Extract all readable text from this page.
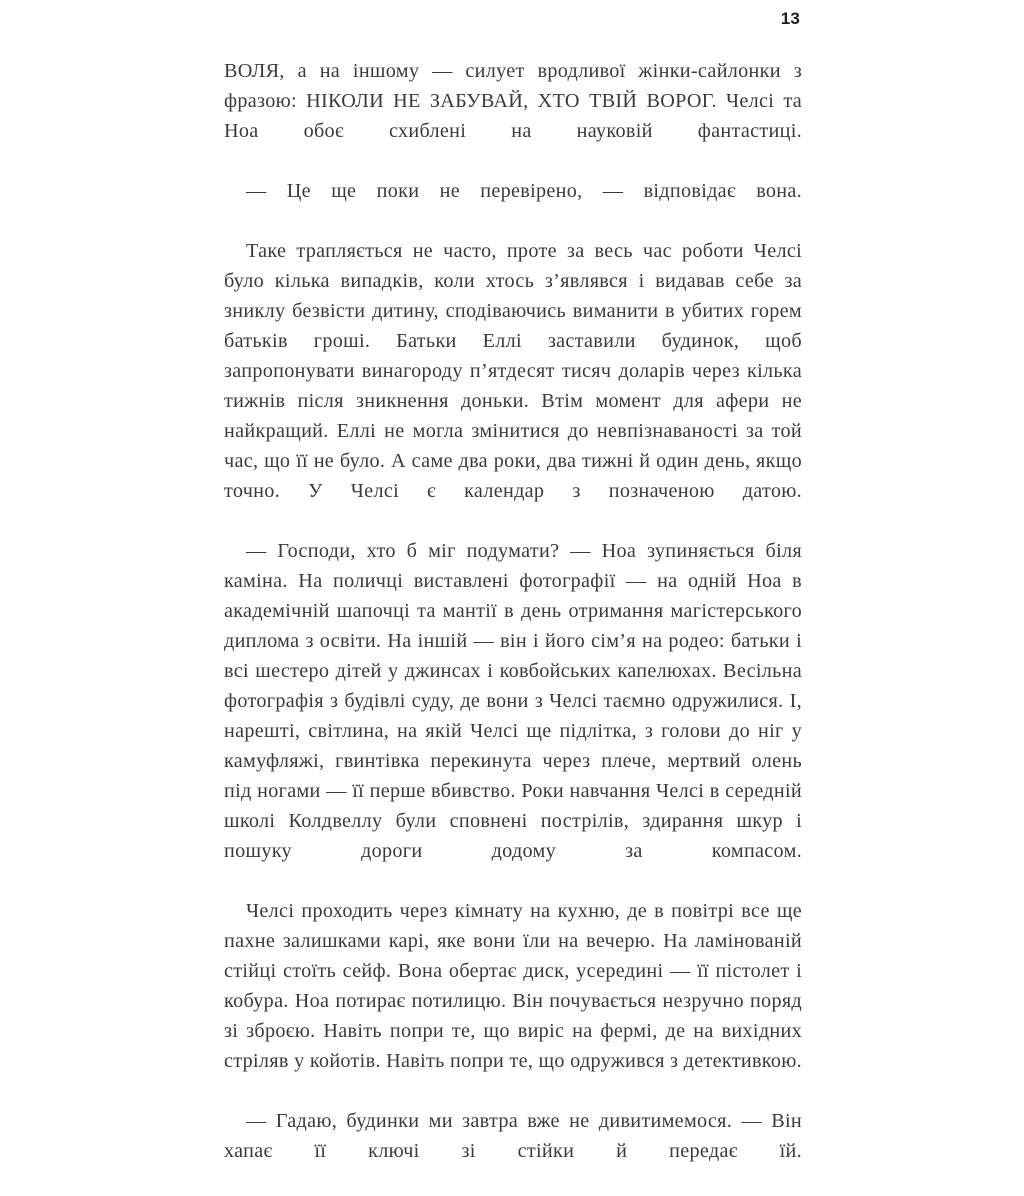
13

ВОЛЯ, а на іншому — силует вродливої жінки-сайлонки з фразою: НІКОЛИ НЕ ЗАБУВАЙ, ХТО ТВІЙ ВОРОГ. Челсі та Ноа обоє схиблені на науковій фантастиці.

— Це ще поки не перевірено, — відповідає вона.

Таке трапляється не часто, проте за весь час роботи Челсі було кілька випадків, коли хтось з’являвся і видавав себе за зниклу безвісти дитину, сподіваючись виманити в убитих горем батьків гроші. Батьки Еллі заставили будинок, щоб запропонувати винагороду п’ятдесят тисяч доларів через кілька тижнів після зникнення доньки. Втім момент для афери не найкращий. Еллі не могла змінитися до невпізнаваності за той час, що її не було. А саме два роки, два тижні й один день, якщо точно. У Челсі є календар з позначеною датою.

— Господи, хто б міг подумати? — Ноа зупиняється біля каміна. На поличці виставлені фотографії — на одній Ноа в академічній шапочці та мантії в день отримання магістерського диплома з освіти. На іншій — він і його сім’я на родео: батьки і всі шестеро дітей у джинсах і ковбойських капелюхах. Весільна фотографія з будівлі суду, де вони з Челсі таємно одружилися. І, нарешті, світлина, на якій Челсі ще підлітка, з голови до ніг у камуфляжі, гвинтівка перекинута через плече, мертвий олень під ногами — її перше вбивство. Роки навчання Челсі в середній школі Колдвеллу були сповнені пострілів, здирання шкур і пошуку дороги додому за компасом.

Челсі проходить через кімнату на кухню, де в повітрі все ще пахне залишками карі, яке вони їли на вечерю. На ламінованій стійці стоїть сейф. Вона обертає диск, усередині — її пістолет і кобура. Ноа потирає потилицю. Він почувається незручно поряд зі зброєю. Навіть попри те, що виріс на фермі, де на вихідних стріляв у койотів. Навіть попри те, що одружився з детективкою.

— Гадаю, будинки ми завтра вже не дивитимемося. — Він хапає її ключі зі стійки й передає їй.
